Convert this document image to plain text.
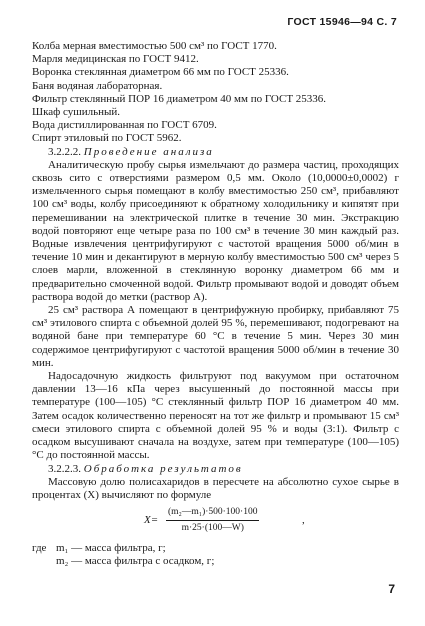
ГОСТ 15946—94 С. 7

Колба мерная вместимостью 500 см³ по ГОСТ 1770.

Марля медицинская по ГОСТ 9412.

Воронка стеклянная диаметром 66 мм по ГОСТ 25336.

Баня водяная лабораторная.

Фильтр стеклянный ПОР 16 диаметром 40 мм по ГОСТ 25336.

Шкаф сушильный.

Вода дистиллированная по ГОСТ 6709.

Спирт этиловый по ГОСТ 5962.

3.2.2.2. Проведение анализа

Аналитическую пробу сырья измельчают до размера частиц, проходящих сквозь сито с отверстиями размером 0,5 мм. Около (10,0000±0,0002) г измельченного сырья помещают в колбу вместимостью 250 см³, прибавляют 100 см³ воды, колбу присоединяют к обратному холодильнику и кипятят при перемешивании на электрической плитке в течение 30 мин. Экстракцию водой повторяют еще четыре раза по 100 см³ в течение 30 мин каждый раз. Водные извлечения центрифугируют с частотой вращения 5000 об/мин в течение 10 мин и декантируют в мерную колбу вместимостью 500 см³ через 5 слоев марли, вложенной в стеклянную воронку диаметром 66 мм и предварительно смоченной водой. Фильтр промывают водой и доводят объем раствора водой до метки (раствор А).

25 см³ раствора А помещают в центрифужную пробирку, прибавляют 75 см³ этилового спирта с объемной долей 95 %, перемешивают, подогревают на водяной бане при температуре 60 °С в течение 5 мин. Через 30 мин содержимое центрифугируют с частотой вращения 5000 об/мин в течение 30 мин.

Надосадочную жидкость фильтруют под вакуумом при остаточном давлении 13—16 кПа через высушенный до постоянной массы при температуре (100—105) °С стеклянный фильтр ПОР 16 диаметром 40 мм. Затем осадок количественно переносят на тот же фильтр и промывают 15 см³ смеси этилового спирта с объемной долей 95 % и воды (3:1). Фильтр с осадком высушивают сначала на воздухе, затем при температуре (100—105) °С до постоянной массы.

3.2.2.3. Обработка результатов

Массовую долю полисахаридов в пересчете на абсолютно сухое сырье в процентах (X) вычисляют по формуле

$X= \frac{\text{(m₂—m₁)·500·100·100}}{m\cdot 25\cdot(100—W)}$	,

где m₁ — масса фильтра, г;

m₂ — масса фильтра с осадком, г;

7
